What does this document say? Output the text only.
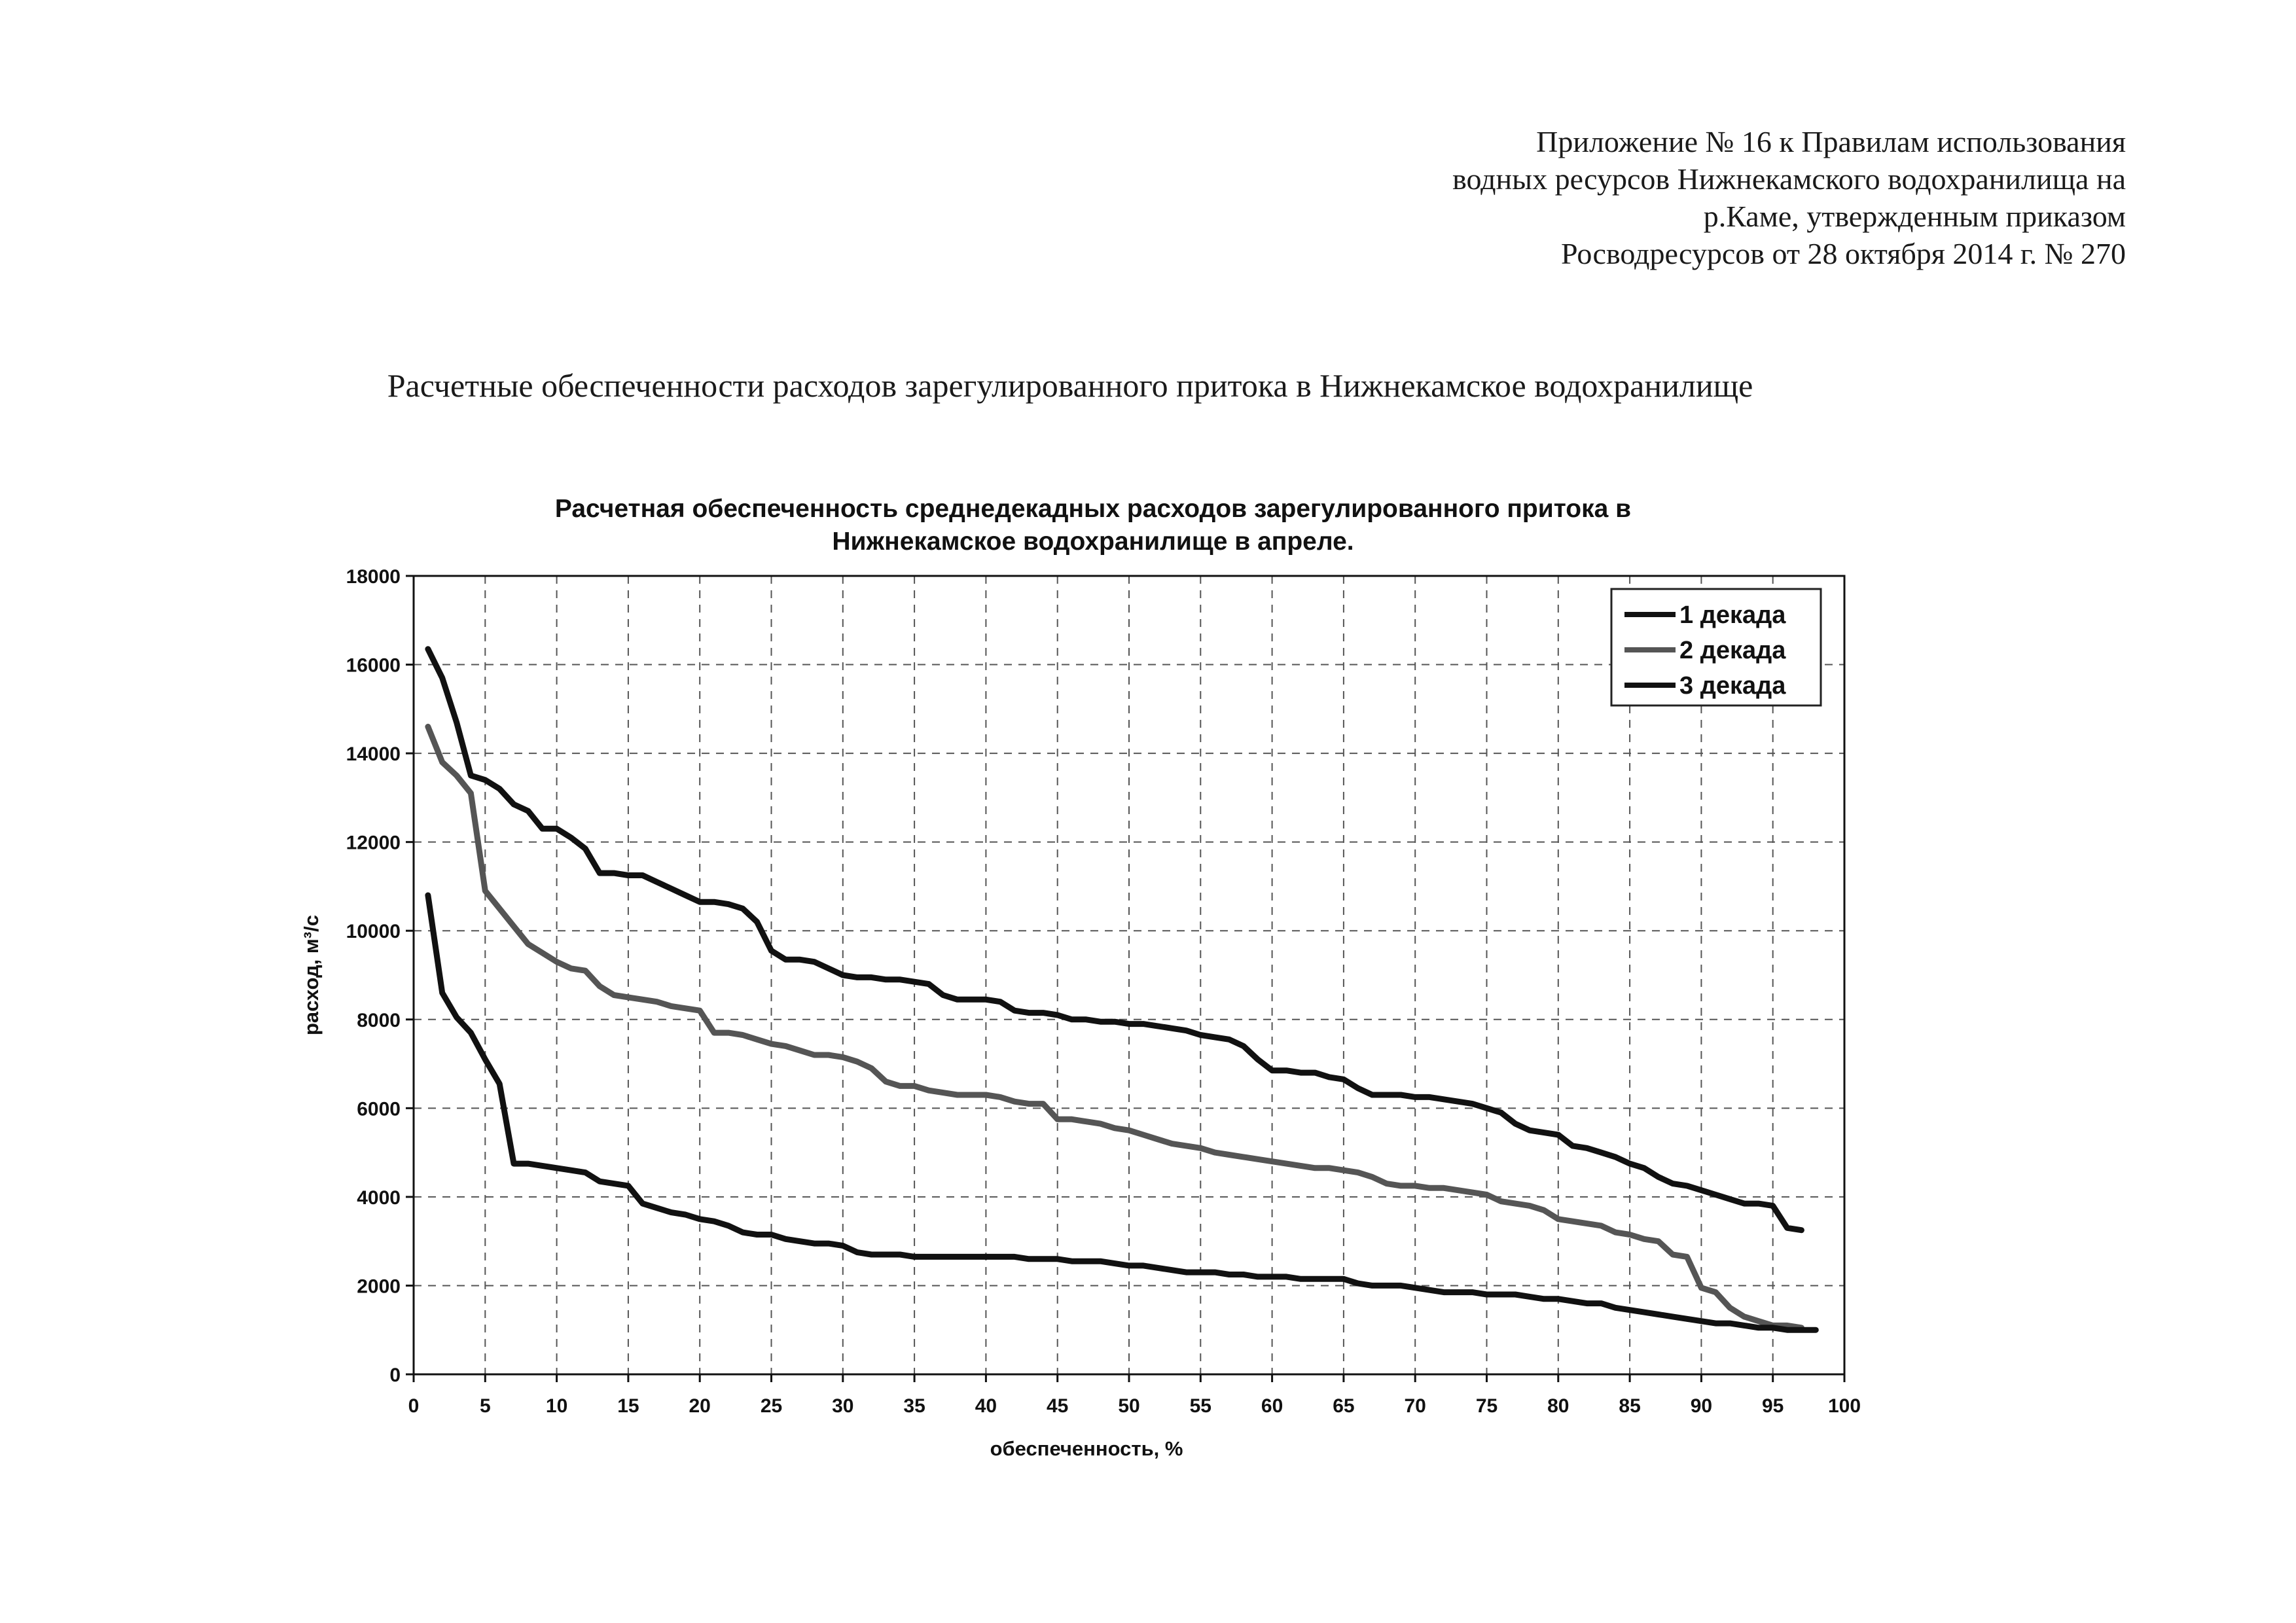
Приложение № 16 к Правилам использования
водных ресурсов Нижнекамского водохранилища на
р.Каме, утвержденным приказом
Росводресурсов от 28 октября 2014 г. № 270
Расчетные обеспеченности расходов зарегулированного притока в Нижнекамское водохранилище
Расчетная обеспеченность среднедекадных расходов зарегулированного притока в
Нижнекамское водохранилище в апреле.
0	5	10	15	20	25	30	35	40	45	50	55	60	65	70	75	80	85	90	95 100
0
2000
4000
6000
8000
10000
12000
14000
16000
18000
обеспеченность, %
расход, м³/с
1 декада
2 декада
3 декада
